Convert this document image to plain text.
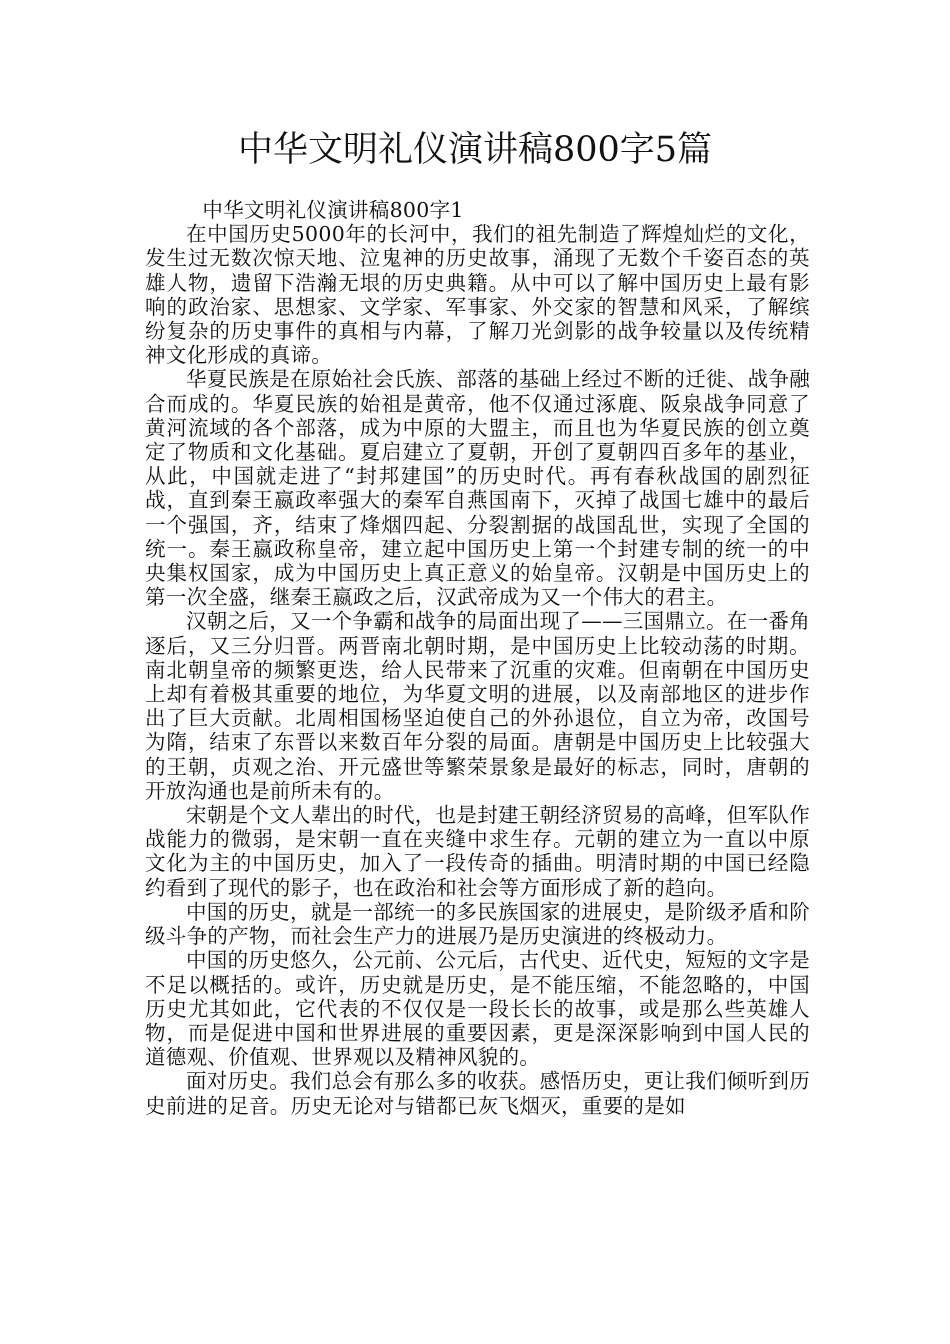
中华文明礼仪演讲稿800字5篇

中华文明礼仪演讲稿800字1

在中国历史5000年的长河中，我们的祖先制造了辉煌灿烂的文化，发生过无数次惊天地、泣鬼神的历史故事，涌现了无数个千姿百态的英雄人物，遗留下浩瀚无垠的历史典籍。从中可以了解中国历史上最有影响的政治家、思想家、文学家、军事家、外交家的智慧和风采，了解缤纷复杂的历史事件的真相与内幕，了解刀光剑影的战争较量以及传统精神文化形成的真谛。

华夏民族是在原始社会氏族、部落的基础上经过不断的迁徙、战争融合而成的。华夏民族的始祖是黄帝，他不仅通过涿鹿、阪泉战争同意了黄河流域的各个部落，成为中原的大盟主，而且也为华夏民族的创立奠定了物质和文化基础。夏启建立了夏朝，开创了夏朝四百多年的基业，从此，中国就走进了“封邦建国”的历史时代。再有春秋战国的剧烈征战，直到秦王嬴政率强大的秦军自燕国南下，灭掉了战国七雄中的最后一个强国，齐，结束了烽烟四起、分裂割据的战国乱世，实现了全国的统一。秦王嬴政称皇帝，建立起中国历史上第一个封建专制的统一的中央集权国家，成为中国历史上真正意义的始皇帝。汉朝是中国历史上的第一次全盛，继秦王嬴政之后，汉武帝成为又一个伟大的君主。

汉朝之后，又一个争霸和战争的局面出现了——三国鼎立。在一番角逐后，又三分归晋。两晋南北朝时期，是中国历史上比较动荡的时期。南北朝皇帝的频繁更迭，给人民带来了沉重的灾难。但南朝在中国历史上却有着极其重要的地位，为华夏文明的进展，以及南部地区的进步作出了巨大贡献。北周相国杨坚迫使自己的外孙退位，自立为帝，改国号为隋，结束了东晋以来数百年分裂的局面。唐朝是中国历史上比较强大的王朝，贞观之治、开元盛世等繁荣景象是最好的标志，同时，唐朝的开放沟通也是前所未有的。

宋朝是个文人辈出的时代，也是封建王朝经济贸易的高峰，但军队作战能力的微弱，是宋朝一直在夹缝中求生存。元朝的建立为一直以中原文化为主的中国历史，加入了一段传奇的插曲。明清时期的中国已经隐约看到了现代的影子，也在政治和社会等方面形成了新的趋向。

中国的历史，就是一部统一的多民族国家的进展史，是阶级矛盾和阶级斗争的产物，而社会生产力的进展乃是历史演进的终极动力。

中国的历史悠久，公元前、公元后，古代史、近代史，短短的文字是不足以概括的。或许，历史就是历史，是不能压缩，不能忽略的，中国历史尤其如此，它代表的不仅仅是一段长长的故事，或是那么些英雄人物，而是促进中国和世界进展的重要因素，更是深深影响到中国人民的道德观、价值观、世界观以及精神风貌的。

面对历史。我们总会有那么多的收获。感悟历史，更让我们倾听到历史前进的足音。历史无论对与错都已灰飞烟灭，重要的是如
